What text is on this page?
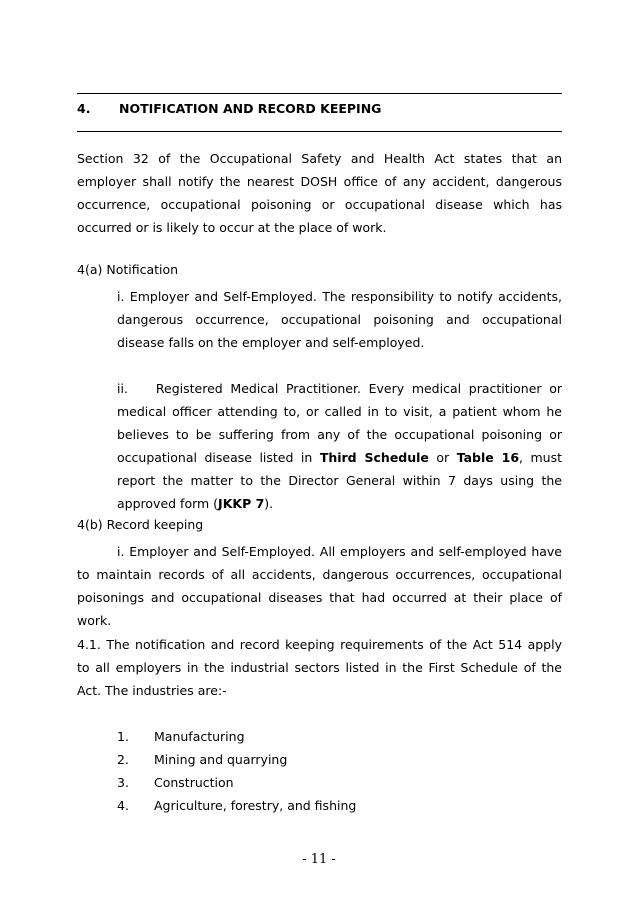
4. NOTIFICATION AND RECORD KEEPING

Section 32 of the Occupational Safety and Health Act states that an employer shall notify the nearest DOSH office of any accident, dangerous occurrence, occupational poisoning or occupational disease which has occurred or is likely to occur at the place of work.

4(a) Notification

i. Employer and Self-Employed. The responsibility to notify accidents, dangerous occurrence, occupational poisoning and occupational disease falls on the employer and self-employed.

ii. Registered Medical Practitioner. Every medical practitioner or medical officer attending to, or called in to visit, a patient whom he believes to be suffering from any of the occupational poisoning or occupational disease listed in Third Schedule or Table 16, must report the matter to the Director General within 7 days using the approved form (JKKP 7).

4(b) Record keeping

i. Employer and Self-Employed. All employers and self-employed have to maintain records of all accidents, dangerous occurrences, occupational poisonings and occupational diseases that had occurred at their place of work.

4.1. The notification and record keeping requirements of the Act 514 apply to all employers in the industrial sectors listed in the First Schedule of the Act. The industries are:-

1. Manufacturing
2. Mining and quarrying
3. Construction
4. Agriculture, forestry, and fishing
- 11 -
